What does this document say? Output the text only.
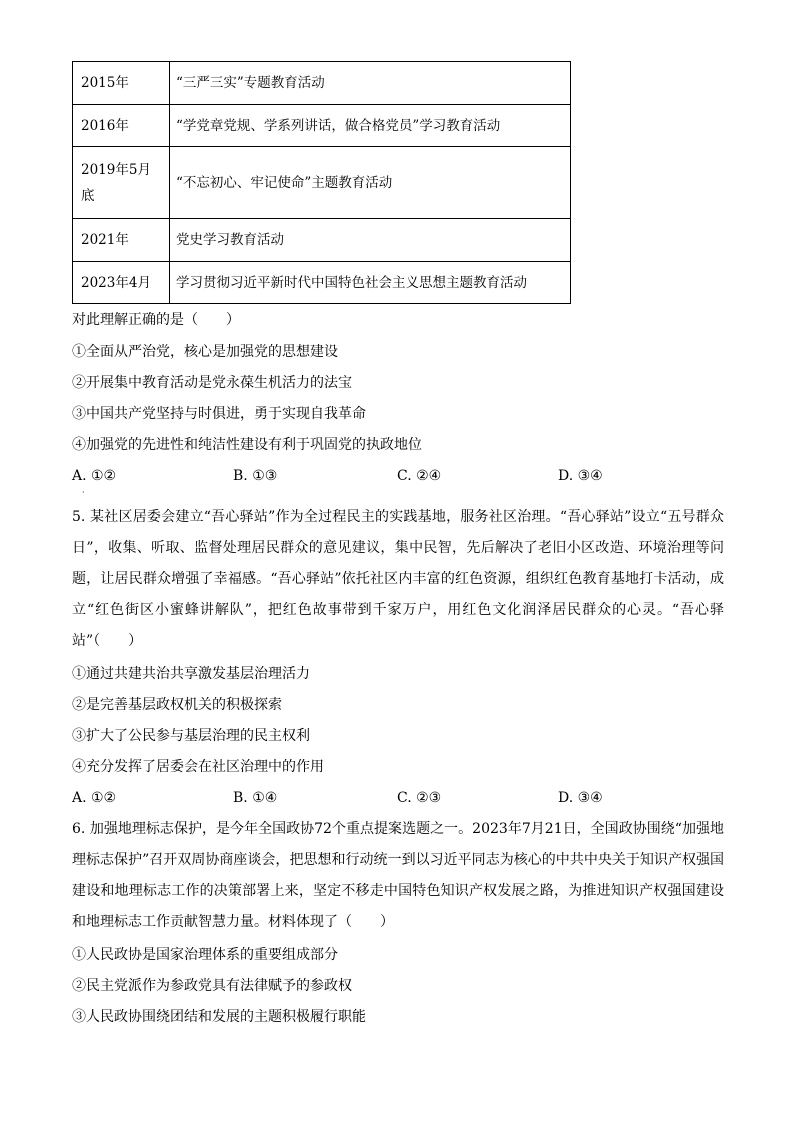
2015年	“三严三实”专题教育活动
2016年	“学党章党规、学系列讲话，做合格党员”学习教育活动
2019年5月底	“不忘初心、牢记使命”主题教育活动
2021年	党史学习教育活动
2023年4月	学习贯彻习近平新时代中国特色社会主义思想主题教育活动
对此理解正确的是（　　）
①全面从严治党，核心是加强党的思想建设
②开展集中教育活动是党永葆生机活力的法宝
③中国共产党坚持与时俱进，勇于实现自我革命
④加强党的先进性和纯洁性建设有利于巩固党的执政地位
A. ①②	B. ①③	C. ②④	D. ③④
·
5. 某社区居委会建立“吾心驿站”作为全过程民主的实践基地，服务社区治理。“吾心驿站”设立“五号群众日”，收集、听取、监督处理居民群众的意见建议，集中民智，先后解决了老旧小区改造、环境治理等问题，让居民群众增强了幸福感。“吾心驿站”依托社区内丰富的红色资源，组织红色教育基地打卡活动，成立“红色街区小蜜蜂讲解队”，把红色故事带到千家万户，用红色文化润泽居民群众的心灵。“吾心驿站”（　　）
①通过共建共治共享激发基层治理活力
②是完善基层政权机关的积极探索
③扩大了公民参与基层治理的民主权利
④充分发挥了居委会在社区治理中的作用
A. ①②	B. ①④	C. ②③	D. ③④
6. 加强地理标志保护，是今年全国政协72个重点提案选题之一。2023年7月21日，全国政协围绕“加强地理标志保护”召开双周协商座谈会，把思想和行动统一到以习近平同志为核心的中共中央关于知识产权强国建设和地理标志工作的决策部署上来，坚定不移走中国特色知识产权发展之路，为推进知识产权强国建设和地理标志工作贡献智慧力量。材料体现了（　　）
①人民政协是国家治理体系的重要组成部分
②民主党派作为参政党具有法律赋予的参政权
③人民政协围绕团结和发展的主题积极履行职能
